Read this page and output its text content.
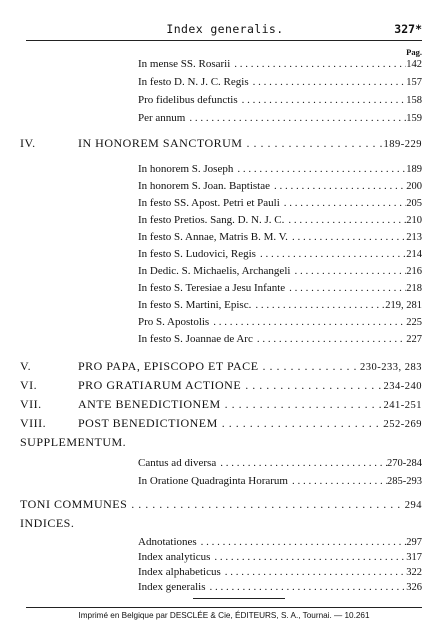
Index generalis.	327*
Pag.
In mense SS. Rosarii . . .	142
In festo D. N. J. C. Regis . . .	157
Pro fidelibus defunctis . . .	158
Per annum . . .	159
IV.	IN HONOREM SANCTORUM . . .	189-229
In honorem S. Joseph . . .	189
In honorem S. Joan. Baptistae . . .	200
In festo SS. Apost. Petri et Pauli . . .	205
In festo Pretios. Sang. D. N. J. C. . . .	210
In festo S. Annae, Matris B. M. V. . . .	213
In festo S. Ludovici, Regis . . .	214
In Dedic. S. Michaelis, Archangeli . . .	216
In festo S. Teresiae a Jesu Infante . . .	218
In festo S. Martini, Episc. . . .	219, 281
Pro S. Apostolis . . .	225
In festo S. Joannae de Arc . . .	227
V.	PRO PAPA, EPISCOPO ET PACE . . .	230-233, 283
VI.	PRO GRATIARUM ACTIONE . . .	234-240
VII.	ANTE BENEDICTIONEM . . .	241-251
VIII.	POST BENEDICTIONEM . . .	252-269
SUPPLEMENTUM.
Cantus ad diversa . . .	270-284
In Oratione Quadraginta Horarum . . .	285-293
TONI COMMUNES . . .	294
INDICES.
Adnotationes . . .	297
Index analyticus . . .	317
Index alphabeticus . . .	322
Index generalis . . .	326
Imprimé en Belgique par DESCLÉE & Cie, ÉDITEURS, S. A., Tournai. — 10.261
